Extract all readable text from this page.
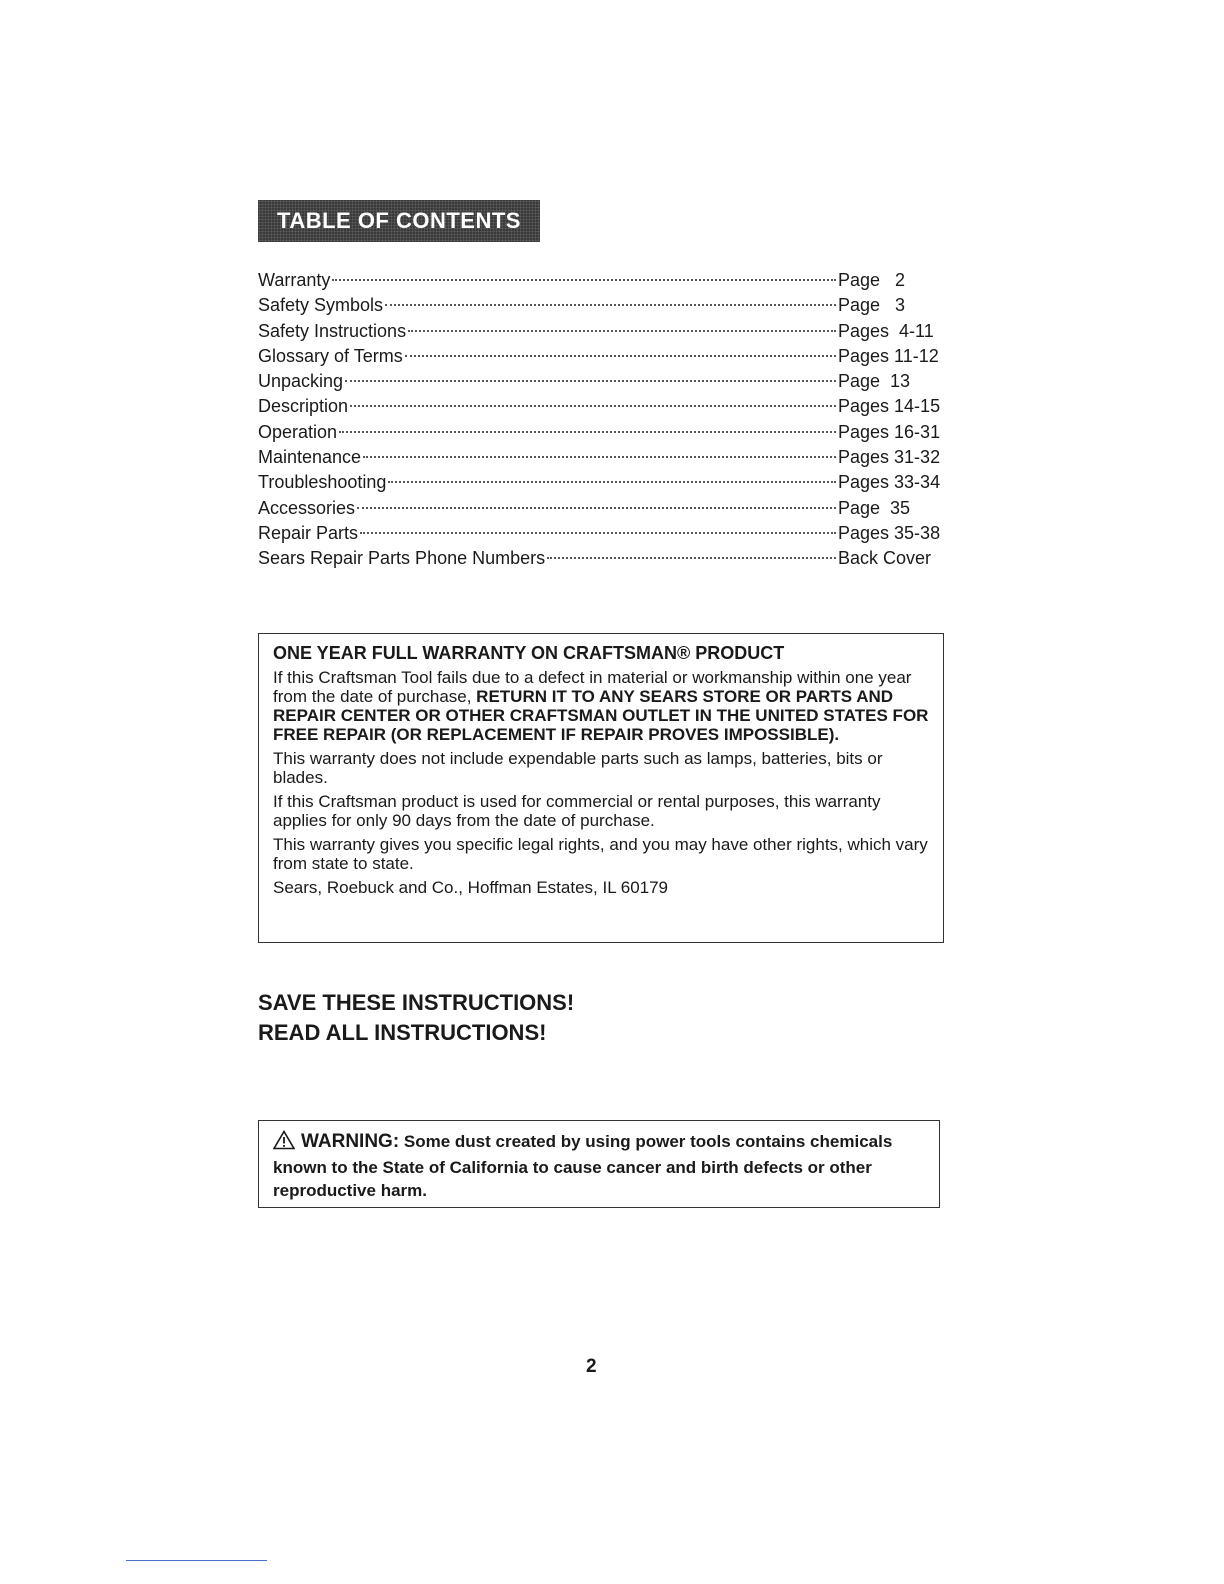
TABLE OF CONTENTS
Warranty	Page   2
Safety Symbols	Page   3
Safety Instructions	Pages  4-11
Glossary of Terms	Pages 11-12
Unpacking	Page  13
Description	Pages 14-15
Operation	Pages 16-31
Maintenance	Pages 31-32
Troubleshooting	Pages 33-34
Accessories	Page  35
Repair Parts	Pages 35-38
Sears Repair Parts Phone Numbers	Back Cover

ONE YEAR FULL WARRANTY ON CRAFTSMAN® PRODUCT

If this Craftsman Tool fails due to a defect in material or workmanship within one year from the date of purchase, RETURN IT TO ANY SEARS STORE OR PARTS AND REPAIR CENTER OR OTHER CRAFTSMAN OUTLET IN THE UNITED STATES FOR FREE REPAIR (OR REPLACEMENT IF REPAIR PROVES IMPOSSIBLE).

This warranty does not include expendable parts such as lamps, batteries, bits or blades.

If this Craftsman product is used for commercial or rental purposes, this warranty applies for only 90 days from the date of purchase.

This warranty gives you specific legal rights, and you may have other rights, which vary from state to state.

Sears, Roebuck and Co., Hoffman Estates, IL 60179

SAVE THESE INSTRUCTIONS!
READ ALL INSTRUCTIONS!
WARNING: Some dust created by using power tools contains chemicals known to the State of California to cause cancer and birth defects or other reproductive harm.
2
